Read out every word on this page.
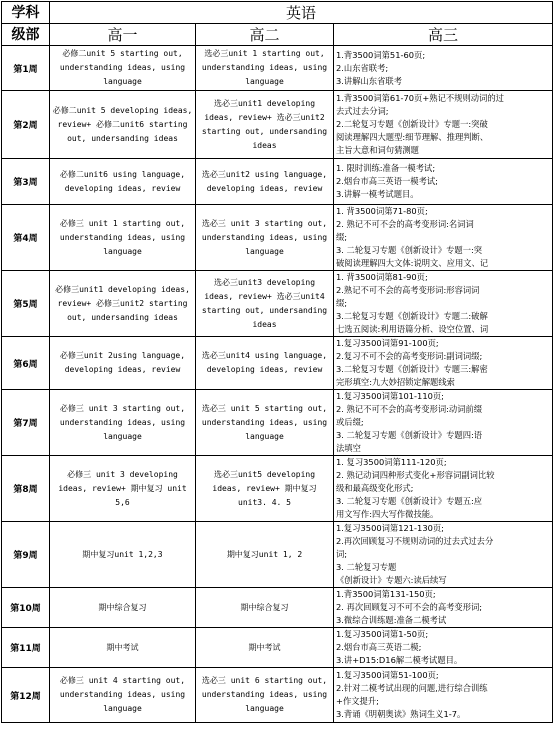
学科	英语		
级部	高一	高二	高三
第1周	必修二unit 5 starting out, understanding ideas, using language	选必三unit 1 starting out, understanding ideas, using language	1.背3500词第51-60页;
2.山东省联考;
3.讲解山东省联考

第2周	必修二unit 5 developing ideas, review+ 必修二unit6 starting out, undersanding ideas	选必三unit1 developing ideas, review+ 选必三unit2 starting out, undersanding ideas	1.背3500词第61-70页+熟记不规则动词的过
去式过去分词;
2.二轮复习专题《创新设计》专题一:突破
阅读理解四大题型:细节理解、推理判断、
主旨大意和词句猜测题

第3周	必修二unit6 using language, developing ideas, review	选必三unit2 using language, developing ideas, review	1. 限时训练:准备一模考试;
2.烟台市高三英语一模考试;
3.讲解一模考试题目。

第4周	必修三 unit 1 starting out, understanding ideas, using language	选必三 unit 3 starting out, understanding ideas, using language	1. 背3500词第71-80页;
2. 熟记不可不会的高考变形词:名词词
缀;
3. 二轮复习专题《创新设计》专题一:突
破阅读理解四大文体:说明文、应用文、记

第5周	必修三unit1 developing ideas, review+ 必修三unit2 starting out, undersanding ideas	选必三unit3 developing ideas, review+ 选必三unit4 starting out, undersanding ideas	1. 背3500词第81-90页;
2.熟记不可不会的高考变形词:形容词词
缀;
3.二轮复习专题《创新设计》专题二:破解
七选五阅读:利用语篇分析、设空位置、词

第6周	必修三unit 2using language, developing ideas, review	选必三unit4 using language, developing ideas, review	1.复习3500词第91-100页;
2.复习不可不会的高考变形词:副词词缀;
3.二轮复习专题《创新设计》专题三:解密
完形填空:九大妙招锁定解题线索

第7周	必修三 unit 3 starting out, understanding ideas, using language	选必三 unit 5 starting out, understanding ideas, using language	1.复习3500词第101-110页;
2. 熟记不可不会的高考变形词:动词前缀
或后缀;
3. 二轮复习专题《创新设计》专题四:语
法填空

第8周	必修三 unit 3 developing ideas, review+ 期中复习 unit 5,6	选必三unit5 developing ideas, review+ 期中复习 unit3. 4. 5	1. 复习3500词第111-120页;
2. 熟记动词四种形式变化+形容词副词比较
级和最高级变化形式;
3. 二轮复习专题《创新设计》专题五:应
用文写作:四大写作微技能。

第9周	期中复习unit 1,2,3	期中复习unit 1, 2	1.复习3500词第121-130页;
2.再次回顾复习不规则动词的过去式过去分
词;
3. 二轮复习专题
《创新设计》专题六:读后续写

第10周	期中综合复习	期中综合复习	1.背3500词第131-150页;
2. 再次回顾复习不可不会的高考变形词;
3.微综合训练题:准备二模考试

第11周	期中考试	期中考试	1.复习3500词第1-50页;
2.烟台市高三英语二模;
3.讲+D15:D16解二模考试题目。

第12周	必修三 unit 4 starting out, understanding ideas, using language	选必三 unit 6 starting out, understanding ideas, using language	1.复习3500词第51-100页;
2.针对二模考试出现的问题,进行综合训练
+作文提升;
3.背诵《明朝奥读》熟词生义1-7。
